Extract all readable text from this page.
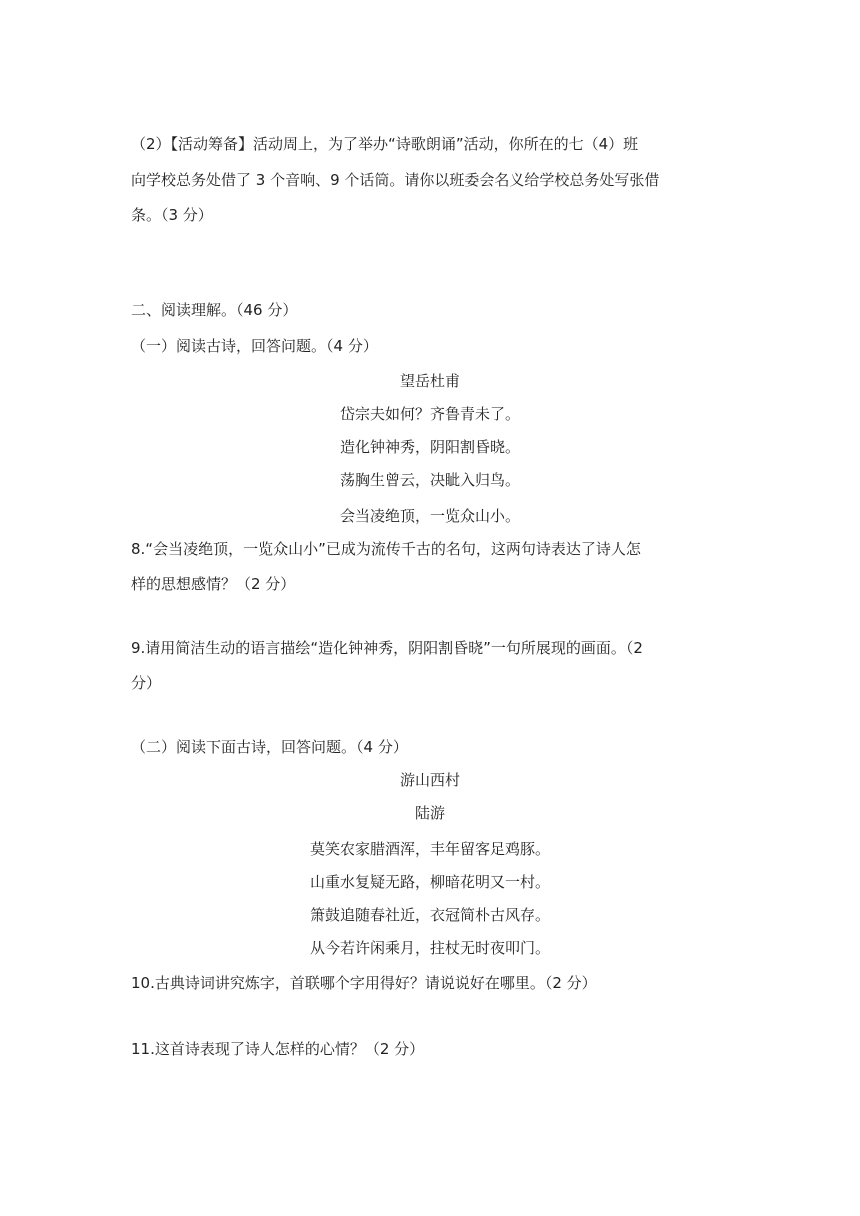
（2）【活动筹备】活动周上，为了举办“诗歌朗诵”活动，你所在的七（4）班
向学校总务处借了 3 个音响、9 个话筒。请你以班委会名义给学校总务处写张借
条。（3 分）
二、阅读理解。（46 分）
（一）阅读古诗，回答问题。（4 分）
望岳杜甫
岱宗夫如何？齐鲁青未了。
造化钟神秀，阴阳割昏晓。
荡胸生曾云，决眦入归鸟。
会当凌绝顶，一览众山小。
8.“会当凌绝顶，一览众山小”已成为流传千古的名句，这两句诗表达了诗人怎
样的思想感情？（2 分）
9.请用简洁生动的语言描绘“造化钟神秀，阴阳割昏晓”一句所展现的画面。（2
分）
（二）阅读下面古诗，回答问题。（4 分）
游山西村
陆游
莫笑农家腊酒浑，丰年留客足鸡豚。
山重水复疑无路，柳暗花明又一村。
箫鼓追随春社近，衣冠简朴古风存。
从今若许闲乘月，拄杖无时夜叩门。
10.古典诗词讲究炼字，首联哪个字用得好？请说说好在哪里。（2 分）
11.这首诗表现了诗人怎样的心情？（2 分）
